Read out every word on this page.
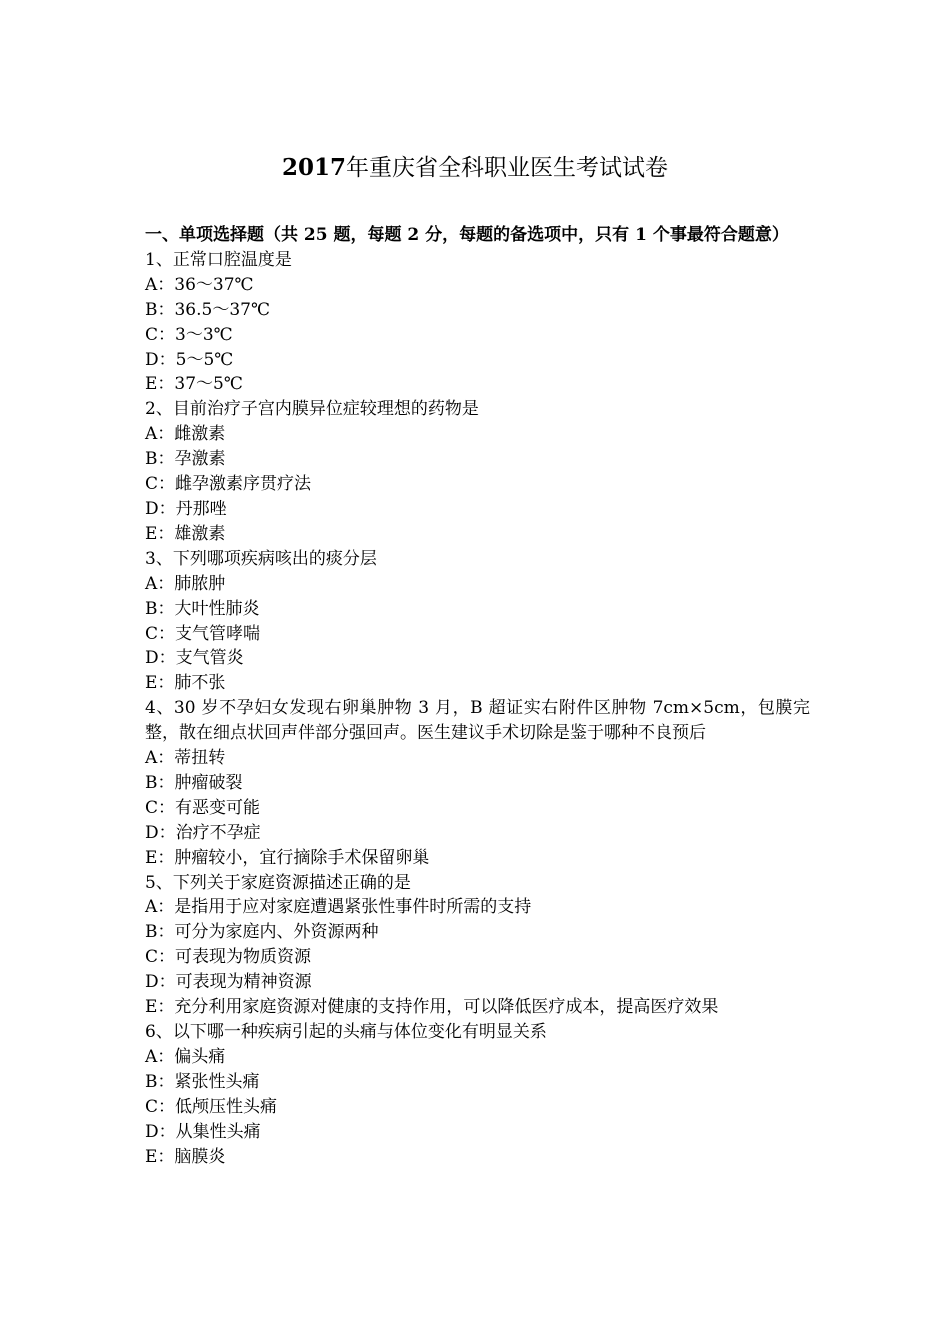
2017年重庆省全科职业医生考试试卷

一、单项选择题（共 25 题，每题 2 分，每题的备选项中，只有 1 个事最符合题意）

1、正常口腔温度是

A：36～37℃

B：36.5～37℃

C：3～3℃

D：5～5℃

E：37～5℃

2、目前治疗子宫内膜异位症较理想的药物是

A：雌激素

B：孕激素

C：雌孕激素序贯疗法

D：丹那唑

E：雄激素

3、下列哪项疾病咳出的痰分层

A：肺脓肿

B：大叶性肺炎

C：支气管哮喘

D：支气管炎

E：肺不张

4、30 岁不孕妇女发现右卵巢肿物 3 月，B 超证实右附件区肿物 7cm×5cm，包膜完整，散在细点状回声伴部分强回声。医生建议手术切除是鉴于哪种不良预后

A：蒂扭转

B：肿瘤破裂

C：有恶变可能

D：治疗不孕症

E：肿瘤较小，宜行摘除手术保留卵巢

5、下列关于家庭资源描述正确的是

A：是指用于应对家庭遭遇紧张性事件时所需的支持

B：可分为家庭内、外资源两种

C：可表现为物质资源

D：可表现为精神资源

E：充分利用家庭资源对健康的支持作用，可以降低医疗成本，提高医疗效果

6、以下哪一种疾病引起的头痛与体位变化有明显关系

A：偏头痛

B：紧张性头痛

C：低颅压性头痛

D：从集性头痛

E：脑膜炎
